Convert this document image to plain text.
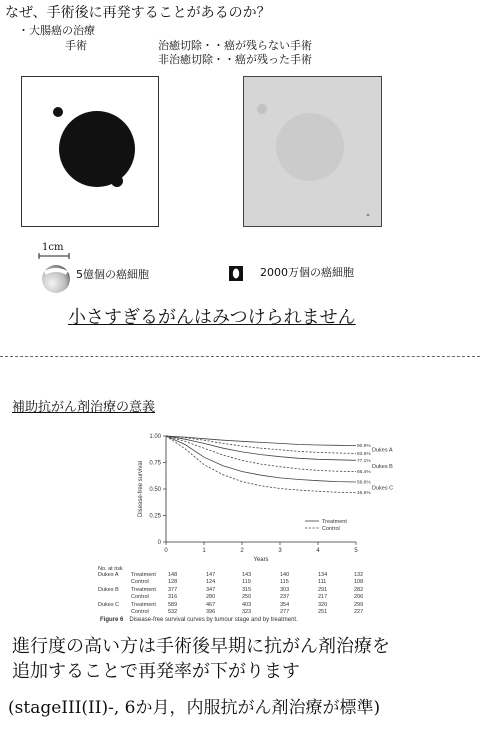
なぜ、手術後に再発することがあるのか？
・大腸癌の治療
手術	治癒切除・・癌が残らない手術
非治癒切除・・癌が残った手術
1cm
5億個の癌細胞	2000万個の癌細胞
小さすぎるがんはみつけられません
補助抗がん剤治療の意義
0	1	2	3	4	5
0
0.25
0.50
0.75
1.00
Years
Disease-free survival
90.9%
83.5%
77.1%
66.4%
56.6%
46.5%
Dukes A
Dukes B
Dukes C
Treatment
Control
No. at risk
Dukes A Treatment 148	147	143	140	134	132
Control	128	124	119	115	111	108
Dukes B Treatment 377	347	315	303	291	282
Control	316	280	250	237	217	206
Dukes C Treatment 589	467	403	354	320	299
Control	532	396	323	277	251	227
Figure 6 Disease-free survival curves by tumour stage and by treatment.
進行度の高い方は手術後早期に抗がん剤治療を
追加することで再発率が下がります
(stageIII(II)-, 6か月，内服抗がん剤治療が標準)
